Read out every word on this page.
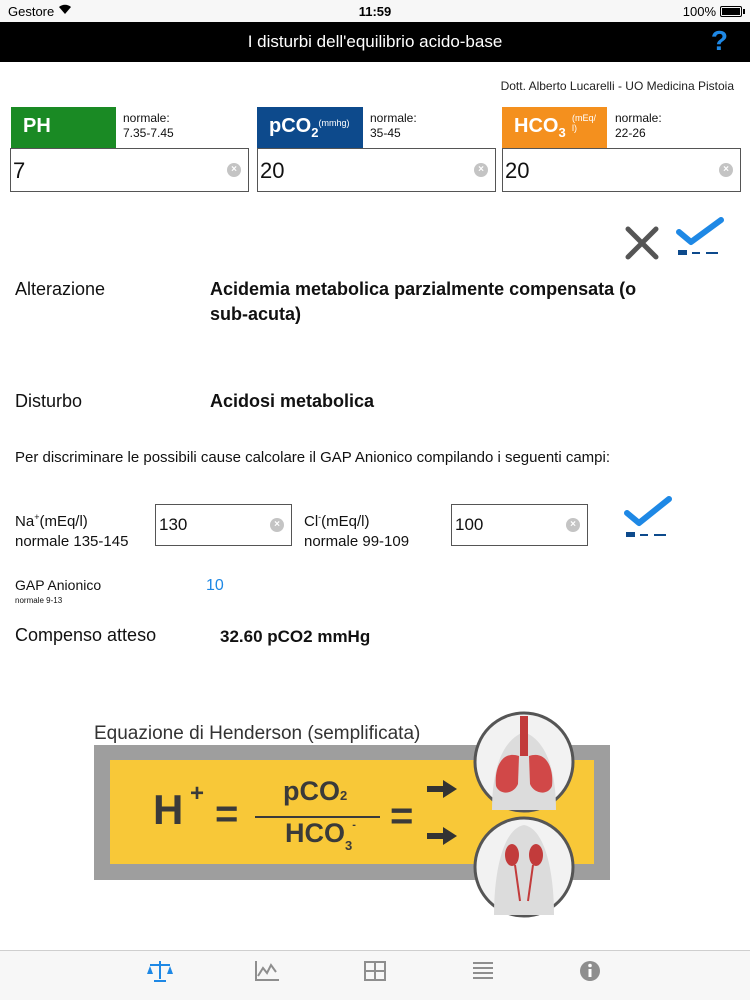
Gestore	11:59	100%
I disturbi dell'equilibrio acido-base	?
Dott. Alberto Lucarelli - UO Medicina Pistoia
PH	normale:
7.35-7.45
7	×
pCO$_2^{(mmhg)}$	normale:
35-45
20	×
$HCO_3$
(mEq/
l)
normale:
22-26
20	×
Alterazione	Acidemia metabolica parzialmente compensata (o
sub-acuta)
Disturbo	Acidosi metabolica
Per discriminare le possibili cause calcolare il GAP Anionico compilando i seguenti campi:
Na+(mEq/l)
normale 135-145
130	× Cl-(mEq/l)
normale 99-109
100	×
GAP Anionico
normale 9-13
10
Compenso atteso	32.60 pCO2 mmHg
Equazione di Henderson (semplificata)
H + =
pCO2
$HCO_3^-$ =
